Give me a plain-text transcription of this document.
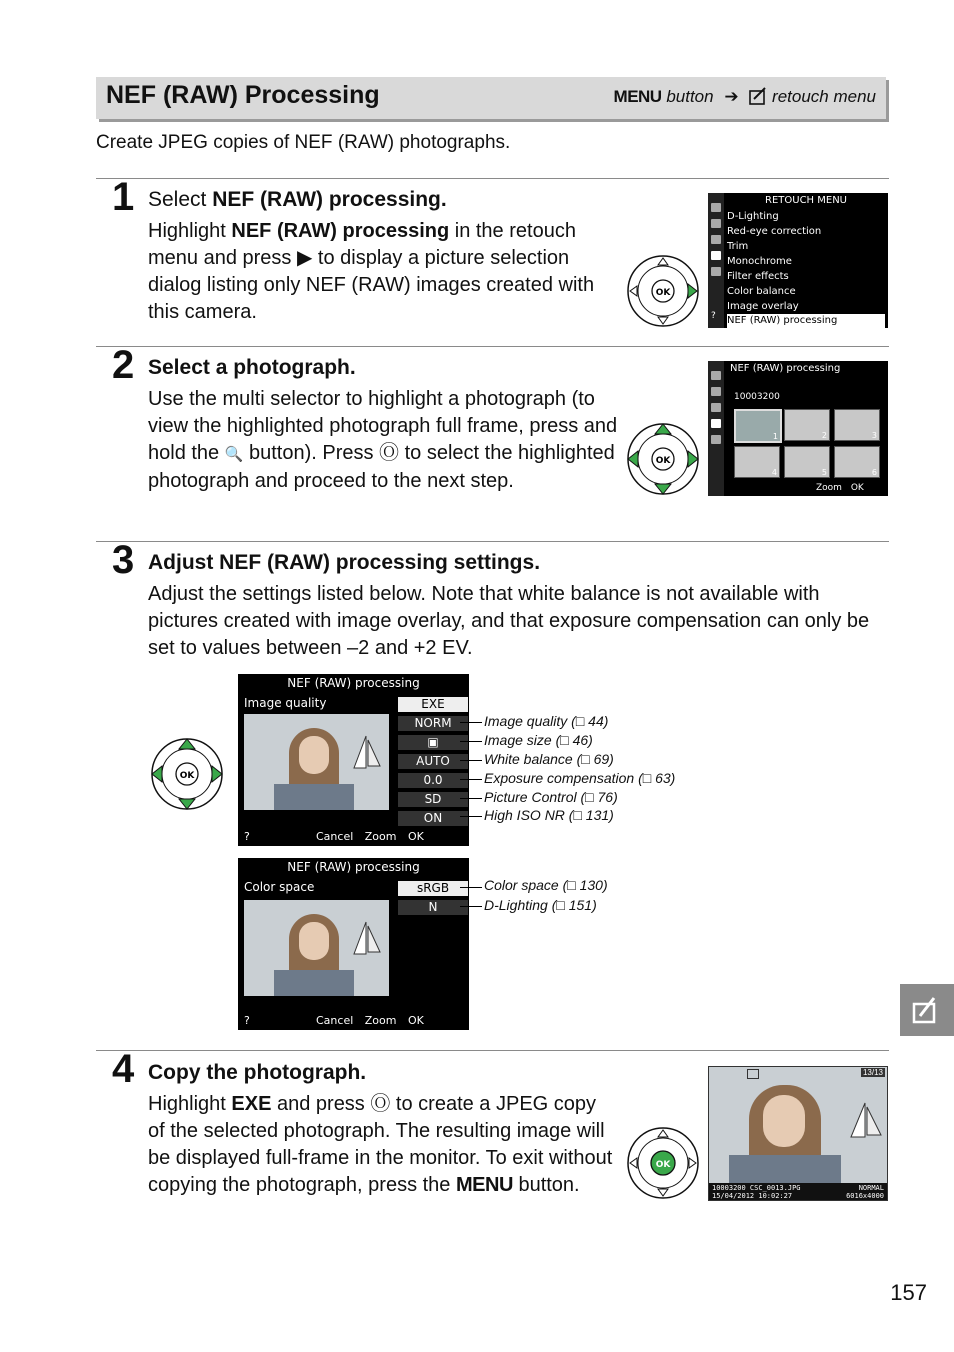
NEF (RAW) Processing	MENU button ➔ retouch menu
Create JPEG copies of NEF (RAW) photographs.
1 Select NEF (RAW) processing.
Highlight NEF (RAW) processing in the retouch menu and press ▶ to display a picture selection dialog listing only NEF (RAW) images created with this camera.
OK
?
RETOUCH MENU
D-Lighting
Red-eye correction
Trim
Monochrome
Filter effects
Color balance
Image overlay
NEF (RAW) processing
2 Select a photograph.
Use the multi selector to highlight a photograph (to view the highlighted photograph full frame, press and hold the 🔍 button). Press Ⓞ to select the highlighted photograph and proceed to the next step.
OK
NEF (RAW) processing
10003200
1	2	3
4	5	6
Zoom OK
3 Adjust NEF (RAW) processing settings.
Adjust the settings listed below. Note that white balance is not available with pictures created with image overlay, and that exposure compensation can only be set to values between –2 and +2 EV.
OK
NEF (RAW) processing
Image quality	EXE
NORM
▣
AUTO
0.0
SD
ON
?	Cancel Zoom OK
Image quality (□ 44)
Image size (□ 46)
White balance (□ 69)
Exposure compensation (□ 63)
Picture Control (□ 76)
High ISO NR (□ 131)
NEF (RAW) processing
Color space	sRGB
N
?	Cancel Zoom OK
Color space (□ 130)
D-Lighting (□ 151)
4 Copy the photograph.
Highlight EXE and press Ⓞ to create a JPEG copy of the selected photograph. The resulting image will be displayed full-frame in the monitor. To exit without copying the photograph, press the MENU button.
OK
13/13
10003200 CSC_0013.JPG
15/04/2012 10:02:27
NORMAL
6016x4000
157
